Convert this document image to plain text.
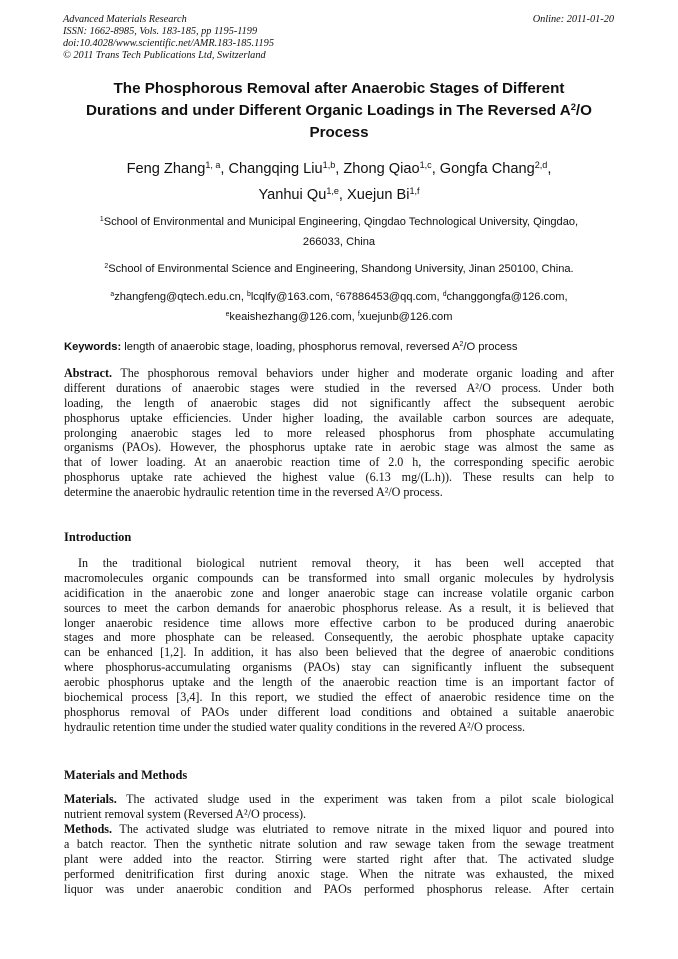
Advanced Materials Research
ISSN: 1662-8985, Vols. 183-185, pp 1195-1199
doi:10.4028/www.scientific.net/AMR.183-185.1195
© 2011 Trans Tech Publications Ltd, Switzerland
Online: 2011-01-20
The Phosphorous Removal after Anaerobic Stages of Different
Durations and under Different Organic Loadings in The Reversed $A^2/O$
Process
Feng Zhang$^{1, a}$, Changqing Liu$^{1,b}$, Zhong Qiao$^{1,c}$, Gongfa Chang$^{2,d}$,
Yanhui Qu$^{1,e}$, Xuejun Bi$^{1,f}$
$^1$School of Environmental and Municipal Engineering, Qingdao Technological University, Qingdao,
266033, China
$^2$School of Environmental Science and Engineering, Shandong University, Jinan 250100, China.
$^a$zhangfeng@qtech.edu.cn, $^b$lcqlfy@163.com, $^c$67886453@qq.com, $^d$changgongfa@126.com,
$^e$keaishezhang@126.com, $^f$xuejunb@126.com
Keywords: length of anaerobic stage, loading, phosphorus removal, reversed $A^2/O$ process
Abstract. The phosphorous removal behaviors under higher and moderate organic loading and after
different durations of anaerobic stages were studied in the reversed A²/O process. Under both
loading, the length of anaerobic stages did not significantly affect the subsequent aerobic
phosphorus uptake efficiencies. Under higher loading, the available carbon sources are adequate,
prolonging anaerobic stages led to more released phosphorus from phosphate accumulating
organisms (PAOs). However, the phosphorus uptake rate in aerobic stage was almost the same as
that of lower loading. At an anaerobic reaction time of 2.0 h, the corresponding specific aerobic
phosphorus uptake rate achieved the highest value (6.13 mg/(L.h)). These results can help to
determine the anaerobic hydraulic retention time in the reversed A²/O process.
Introduction
In the traditional biological nutrient removal theory, it has been well accepted that
macromolecules organic compounds can be transformed into small organic molecules by hydrolysis
acidification in the anaerobic zone and longer anaerobic stage can increase volatile organic carbon
sources to meet the carbon demands for anaerobic phosphorus release. As a result, it is believed that
longer anaerobic residence time allows more effective carbon to be produced during anaerobic
stages and more phosphate can be released. Consequently, the aerobic phosphate uptake capacity
can be enhanced [1,2]. In addition, it has also been believed that the degree of anaerobic conditions
where phosphorus-accumulating organisms (PAOs) stay can significantly influent the subsequent
aerobic phosphorus uptake and the length of the anaerobic reaction time is an important factor of
biochemical process [3,4]. In this report, we studied the effect of anaerobic residence time on the
phosphorus removal of PAOs under different load conditions and obtained a suitable anaerobic
hydraulic retention time under the studied water quality conditions in the revered A²/O process.
Materials and Methods
Materials. The activated sludge used in the experiment was taken from a pilot scale biological
nutrient removal system (Reversed A²/O process).
Methods. The activated sludge was elutriated to remove nitrate in the mixed liquor and poured into
a batch reactor. Then the synthetic nitrate solution and raw sewage taken from the sewage treatment
plant were added into the reactor. Stirring were started right after that. The activated sludge
performed denitrification first during anoxic stage. When the nitrate was exhausted, the mixed
liquor was under anaerobic condition and PAOs performed phosphorus release. After certain
